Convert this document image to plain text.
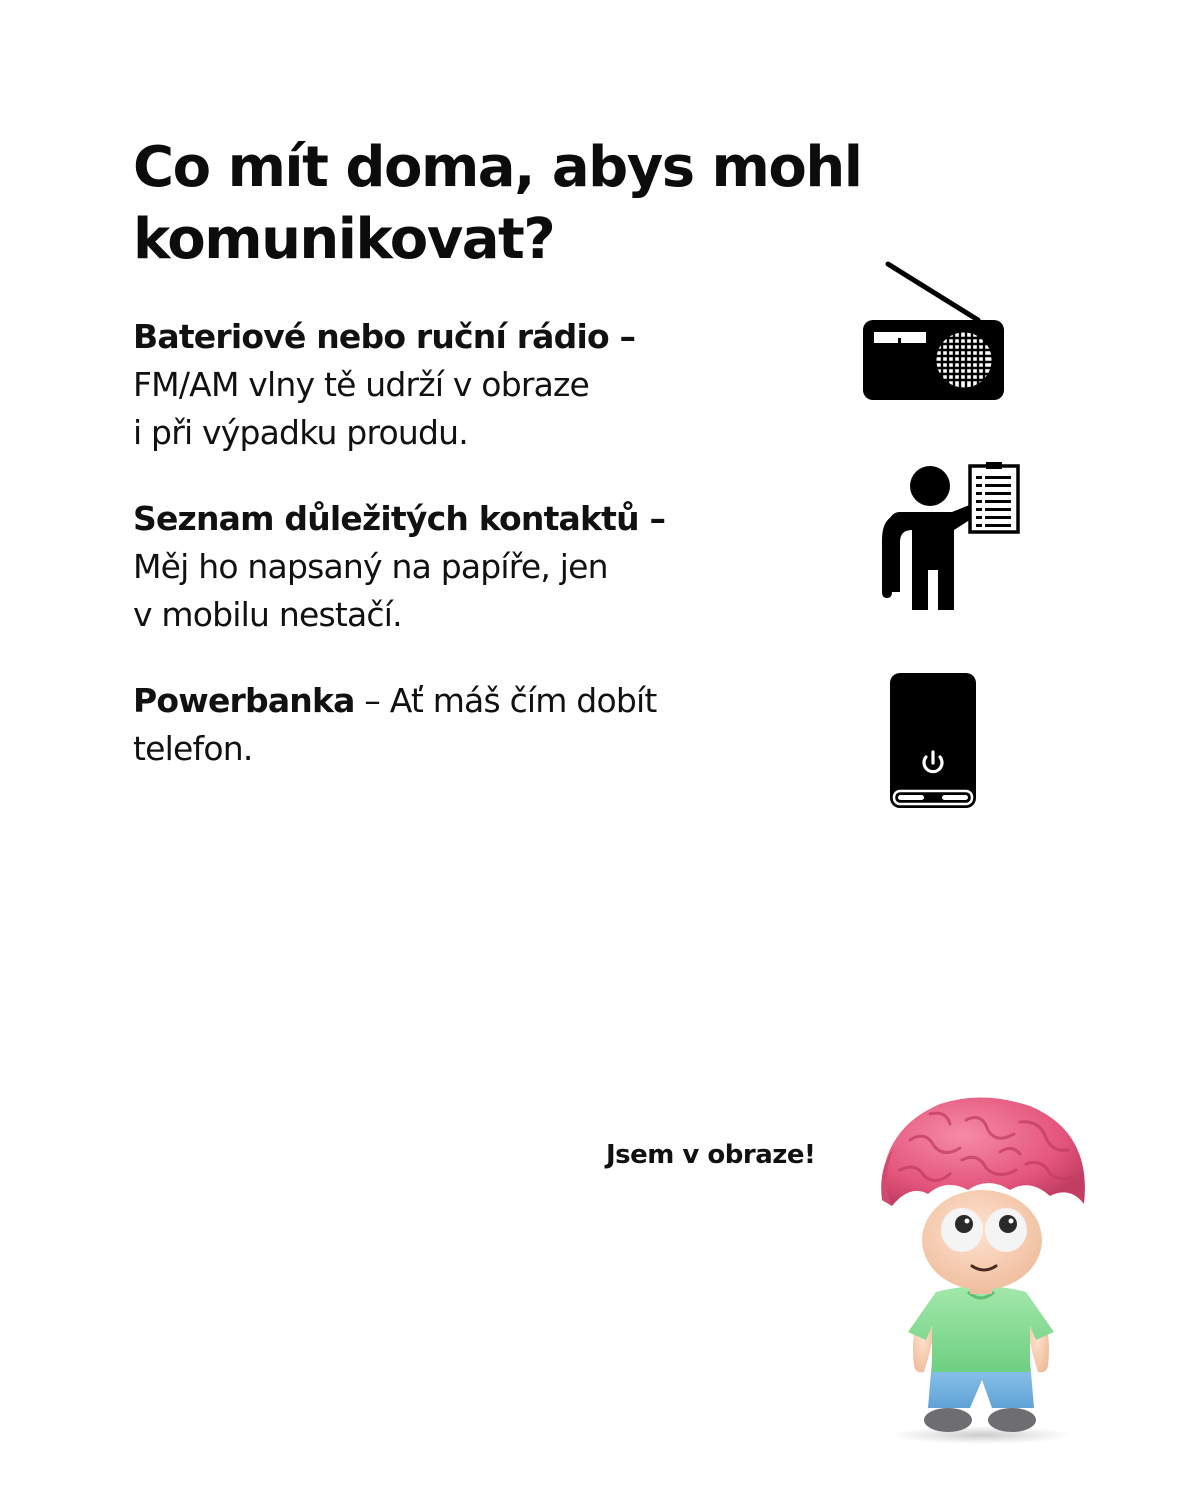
Co mít doma, abys mohl komunikovat?
Bateriové nebo ruční rádio –
FM/AM vlny tě udrží v obraze
i při výpadku proudu.
Seznam důležitých kontaktů –
Měj ho napsaný na papíře, jen
v mobilu nestačí.
Powerbanka – Ať máš čím dobít
telefon.
Jsem v obraze!
